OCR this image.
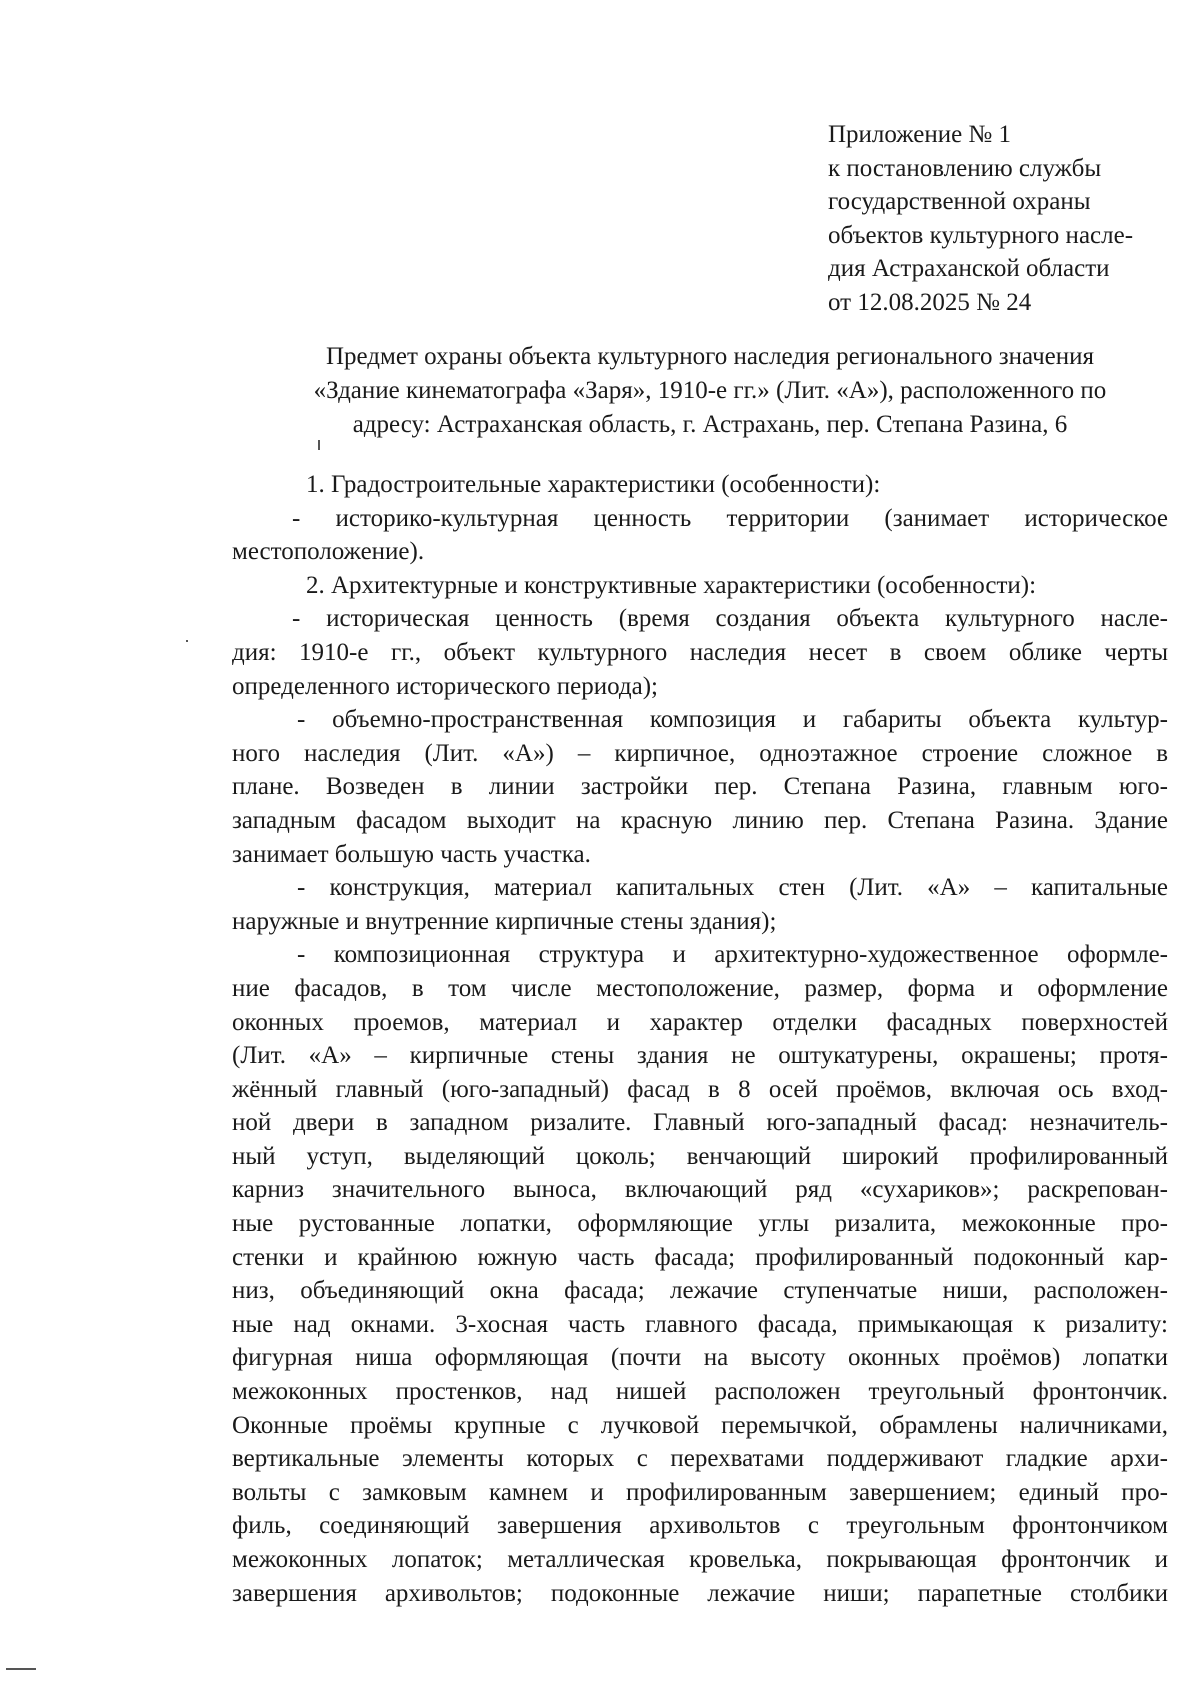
Приложение № 1
к постановлению службы
государственной охраны
объектов культурного насле-
дия Астраханской области
от 12.08.2025 № 24
Предмет охраны объекта культурного наследия регионального значения
«Здание кинематографа «Заря», 1910-е гг.» (Лит. «А»), расположенного по
адресу: Астраханская область, г. Астрахань, пер. Степана Разина, 6
1. Градостроительные характеристики (особенности):
- историко-культурная ценность территории (занимает историческое
местоположение).
2. Архитектурные и конструктивные характеристики (особенности):
- историческая ценность (время создания объекта культурного насле-
дия: 1910-е гг., объект культурного наследия несет в своем облике черты
определенного исторического периода);
- объемно-пространственная композиция и габариты объекта культур-
ного наследия (Лит. «А») – кирпичное, одноэтажное строение сложное в
плане. Возведен в линии застройки пер. Степана Разина, главным юго-
западным фасадом выходит на красную линию пер. Степана Разина. Здание
занимает большую часть участка.
- конструкция, материал капитальных стен (Лит. «А» – капитальные
наружные и внутренние кирпичные стены здания);
- композиционная структура и архитектурно-художественное оформле-
ние фасадов, в том числе местоположение, размер, форма и оформление
оконных проемов, материал и характер отделки фасадных поверхностей
(Лит. «А» – кирпичные стены здания не оштукатурены, окрашены; протя-
жённый главный (юго-западный) фасад в 8 осей проёмов, включая ось вход-
ной двери в западном ризалите. Главный юго-западный фасад: незначитель-
ный уступ, выделяющий цоколь; венчающий широкий профилированный
карниз значительного выноса, включающий ряд «сухариков»; раскрепован-
ные рустованные лопатки, оформляющие углы ризалита, межоконные про-
стенки и крайнюю южную часть фасада; профилированный подоконный кар-
низ, объединяющий окна фасада; лежачие ступенчатые ниши, расположен-
ные над окнами. 3-хосная часть главного фасада, примыкающая к ризалиту:
фигурная ниша оформляющая (почти на высоту оконных проёмов) лопатки
межоконных простенков, над нишей расположен треугольный фронтончик.
Оконные проёмы крупные с лучковой перемычкой, обрамлены наличниками,
вертикальные элементы которых с перехватами поддерживают гладкие архи-
вольты с замковым камнем и профилированным завершением; единый про-
филь, соединяющий завершения архивольтов с треугольным фронтончиком
межоконных лопаток; металлическая кровелька, покрывающая фронтончик и
завершения архивольтов; подоконные лежачие ниши; парапетные столбики
